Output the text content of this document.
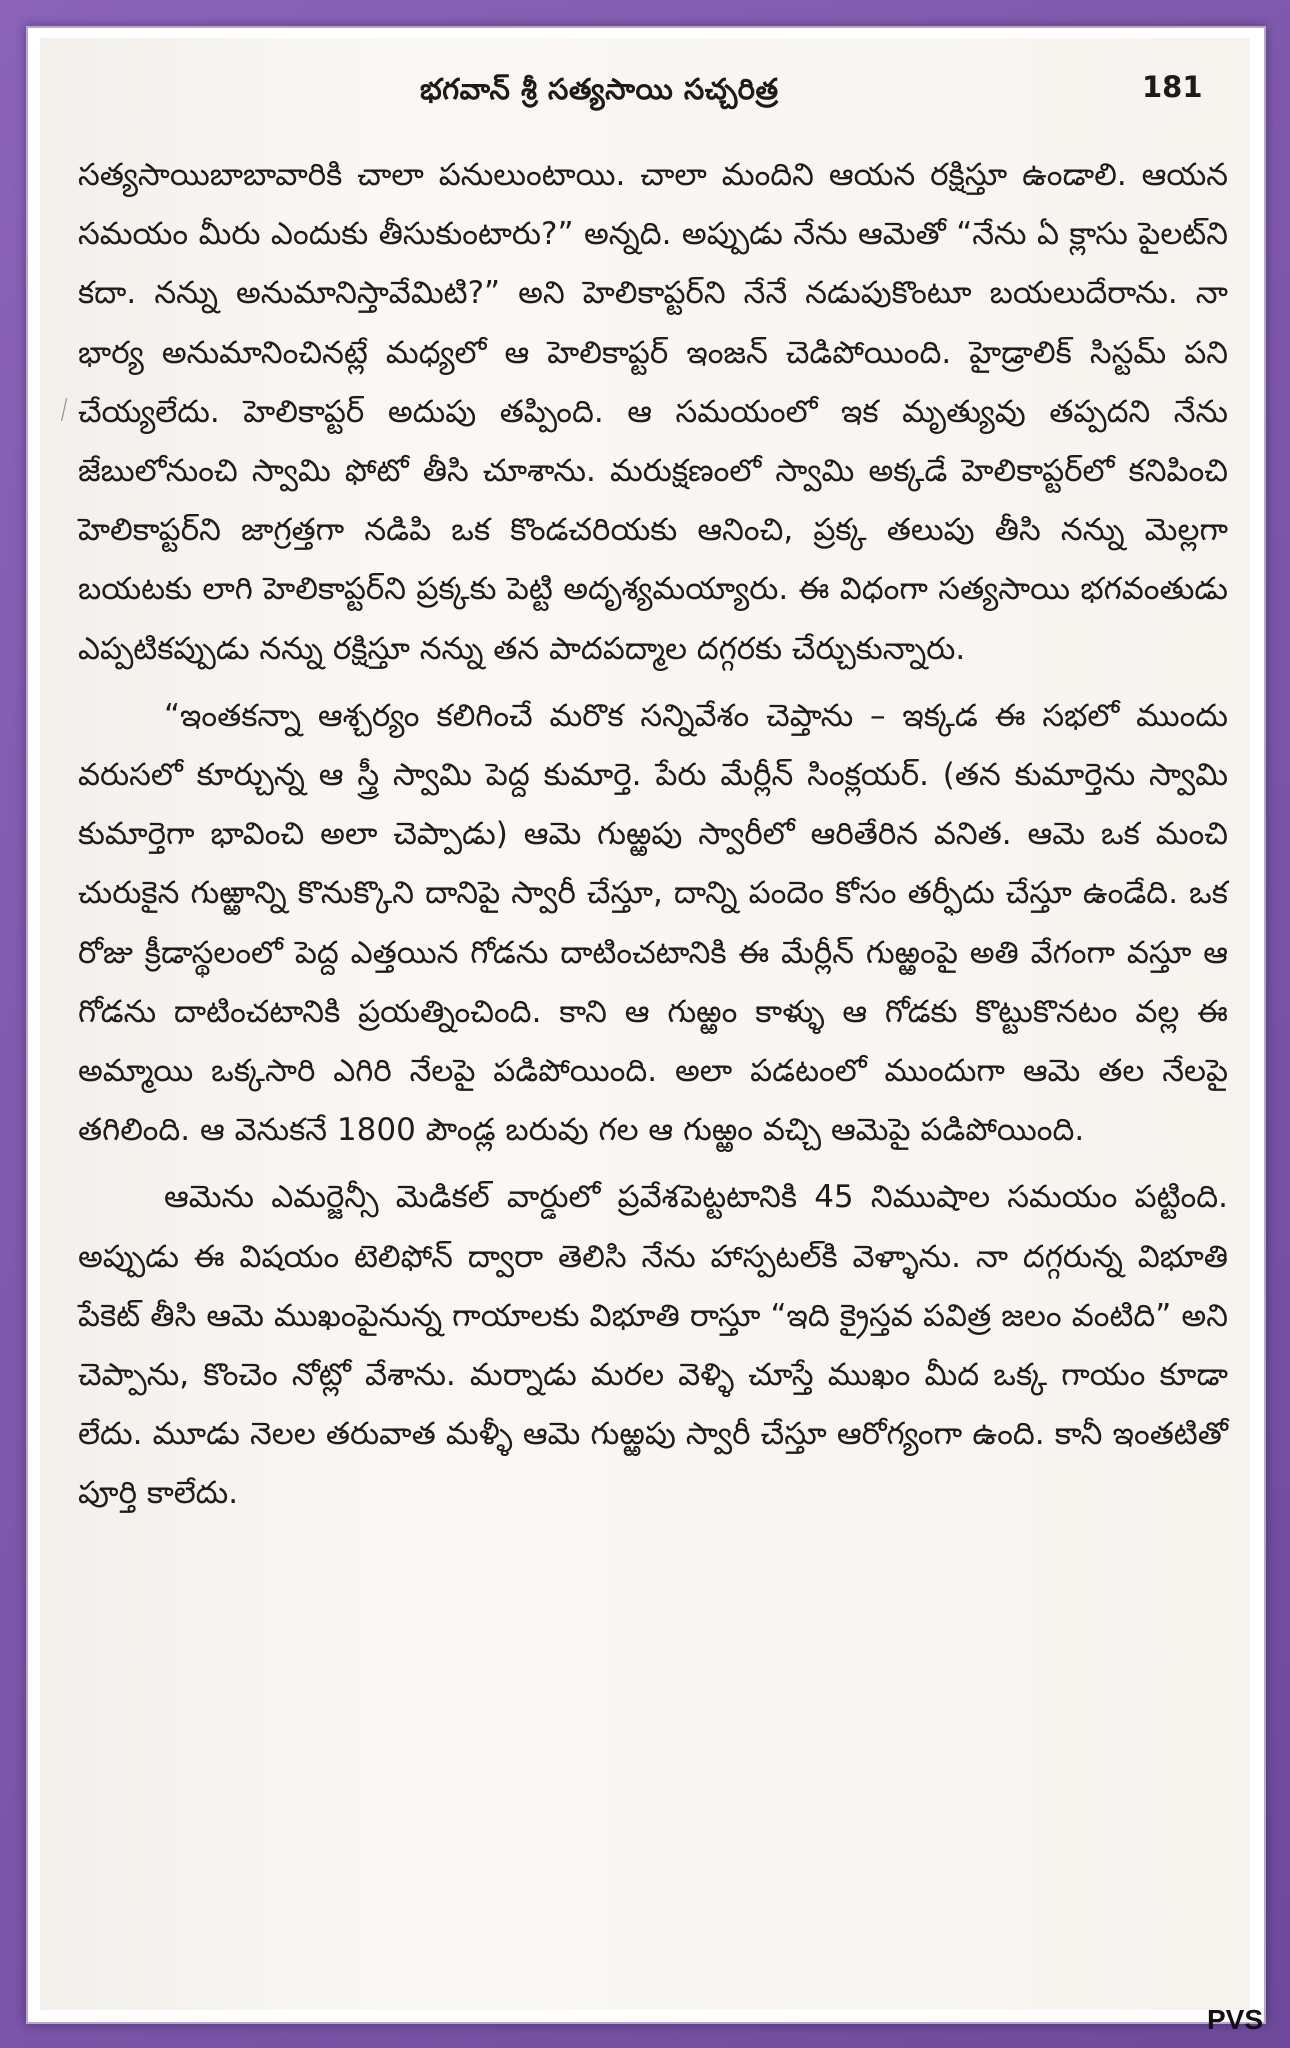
భగవాన్ శ్రీ సత్యసాయి సచ్చరిత్ర	181
⟋

సత్యసాయిబాబావారికి చాలా పనులుంటాయి. చాలా మందిని ఆయన రక్షిస్తూ ఉండాలి. ఆయన సమయం మీరు ఎందుకు తీసుకుంటారు?” అన్నది. అప్పుడు నేను ఆమెతో “నేను ఏ క్లాసు పైలట్‌ని కదా. నన్ను అనుమానిస్తావేమిటి?” అని హెలికాప్టర్‌ని నేనే నడుపుకొంటూ బయలుదేరాను. నా భార్య అనుమానించినట్లే మధ్యలో ఆ హెలికాప్టర్ ఇంజన్ చెడిపోయింది. హైడ్రాలిక్ సిస్టమ్ పని చేయ్యలేదు. హెలికాప్టర్ అదుపు తప్పింది. ఆ సమయంలో ఇక మృత్యువు తప్పదని నేను జేబులోనుంచి స్వామి ఫోటో తీసి చూశాను. మరుక్షణంలో స్వామి అక్కడే హెలికాప్టర్‌లో కనిపించి హెలికాప్టర్‌ని జాగ్రత్తగా నడిపి ఒక కొండచరియకు ఆనించి, ప్రక్క తలుపు తీసి నన్ను మెల్లగా బయటకు లాగి హెలికాప్టర్‌ని ప్రక్కకు పెట్టి అదృశ్యమయ్యారు. ఈ విధంగా సత్యసాయి భగవంతుడు ఎప్పటికప్పుడు నన్ను రక్షిస్తూ నన్ను తన పాదపద్మాల దగ్గరకు చేర్చుకున్నారు.

“ఇంతకన్నా ఆశ్చర్యం కలిగించే మరొక సన్నివేశం చెప్తాను – ఇక్కడ ఈ సభలో ముందు వరుసలో కూర్చున్న ఆ స్త్రీ స్వామి పెద్ద కుమార్తె. పేరు మేర్లీన్ సింక్లయర్. (తన కుమార్తెను స్వామి కుమార్తెగా భావించి అలా చెప్పాడు) ఆమె గుఱ్ఱపు స్వారీలో ఆరితేరిన వనిత. ఆమె ఒక మంచి చురుకైన గుఱ్ఱాన్ని కొనుక్కొని దానిపై స్వారీ చేస్తూ, దాన్ని పందెం కోసం తర్ఫీదు చేస్తూ ఉండేది. ఒక రోజు క్రీడాస్థలంలో పెద్ద ఎత్తయిన గోడను దాటించటానికి ఈ మేర్లీన్ గుఱ్ఱంపై అతి వేగంగా వస్తూ ఆ గోడను దాటించటానికి ప్రయత్నించింది. కాని ఆ గుఱ్ఱం కాళ్ళు ఆ గోడకు కొట్టుకొనటం వల్ల ఈ అమ్మాయి ఒక్కసారి ఎగిరి నేలపై పడిపోయింది. అలా పడటంలో ముందుగా ఆమె తల నేలపై తగిలింది. ఆ వెనుకనే 1800 పౌండ్ల బరువు గల ఆ గుఱ్ఱం వచ్చి ఆమెపై పడిపోయింది.

ఆమెను ఎమర్జెన్సీ మెడికల్ వార్డులో ప్రవేశపెట్టటానికి 45 నిముషాల సమయం పట్టింది. అప్పుడు ఈ విషయం టెలిఫోన్ ద్వారా తెలిసి నేను హాస్పటల్‌కి వెళ్ళాను. నా దగ్గరున్న విభూతి పేకెట్ తీసి ఆమె ముఖంపైనున్న గాయాలకు విభూతి రాస్తూ “ఇది క్రైస్తవ పవిత్ర జలం వంటిది” అని చెప్పాను, కొంచెం నోట్లో వేశాను. మర్నాడు మరల వెళ్ళి చూస్తే ముఖం మీద ఒక్క గాయం కూడా లేదు. మూడు నెలల తరువాత మళ్ళీ ఆమె గుఱ్ఱపు స్వారీ చేస్తూ ఆరోగ్యంగా ఉంది. కానీ ఇంతటితో పూర్తి కాలేదు.

PVS
